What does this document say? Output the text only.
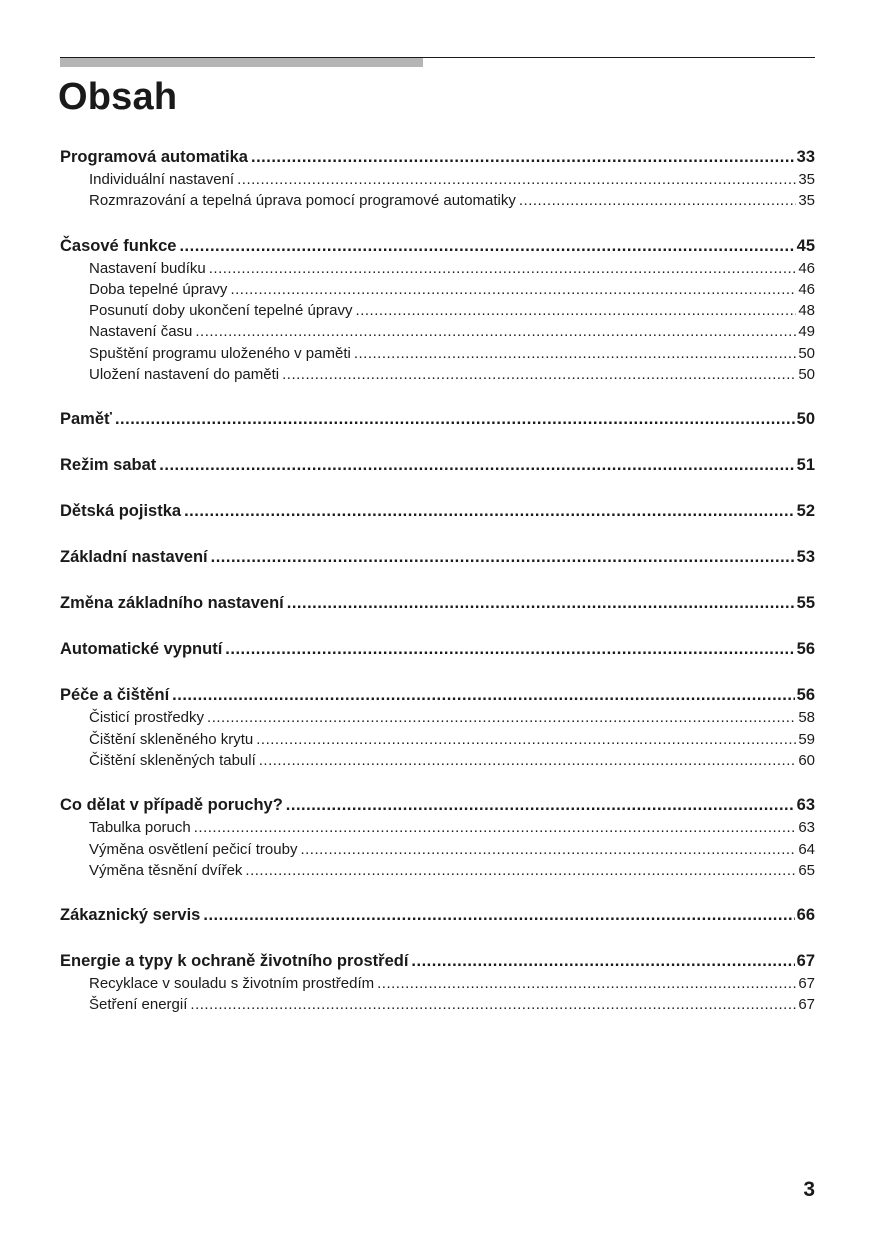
Obsah
Programová automatika .....	33
Individuální nastavení .....	35
Rozmrazování a tepelná úprava pomocí programové automatiky .....	35
Časové funkce .....	45
Nastavení budíku .....	46
Doba tepelné úpravy .....	46
Posunutí doby ukončení tepelné úpravy .....	48
Nastavení času .....	49
Spuštění programu uloženého v paměti .....	50
Uložení nastavení do paměti .....	50
Paměť .....	50
Režim sabat .....	51
Dětská pojistka .....	52
Základní nastavení .....	53
Změna základního nastavení .....	55
Automatické vypnutí .....	56
Péče a čištění .....	56
Čisticí prostředky .....	58
Čištění skleněného krytu .....	59
Čištění skleněných tabulí .....	60
Co dělat v případě poruchy? .....	63
Tabulka poruch .....	63
Výměna osvětlení pečicí trouby .....	64
Výměna těsnění dvířek .....	65
Zákaznický servis .....	66
Energie a typy k ochraně životního prostředí .....	67
Recyklace v souladu s životním prostředím .....	67
Šetření energií .....	67
3
